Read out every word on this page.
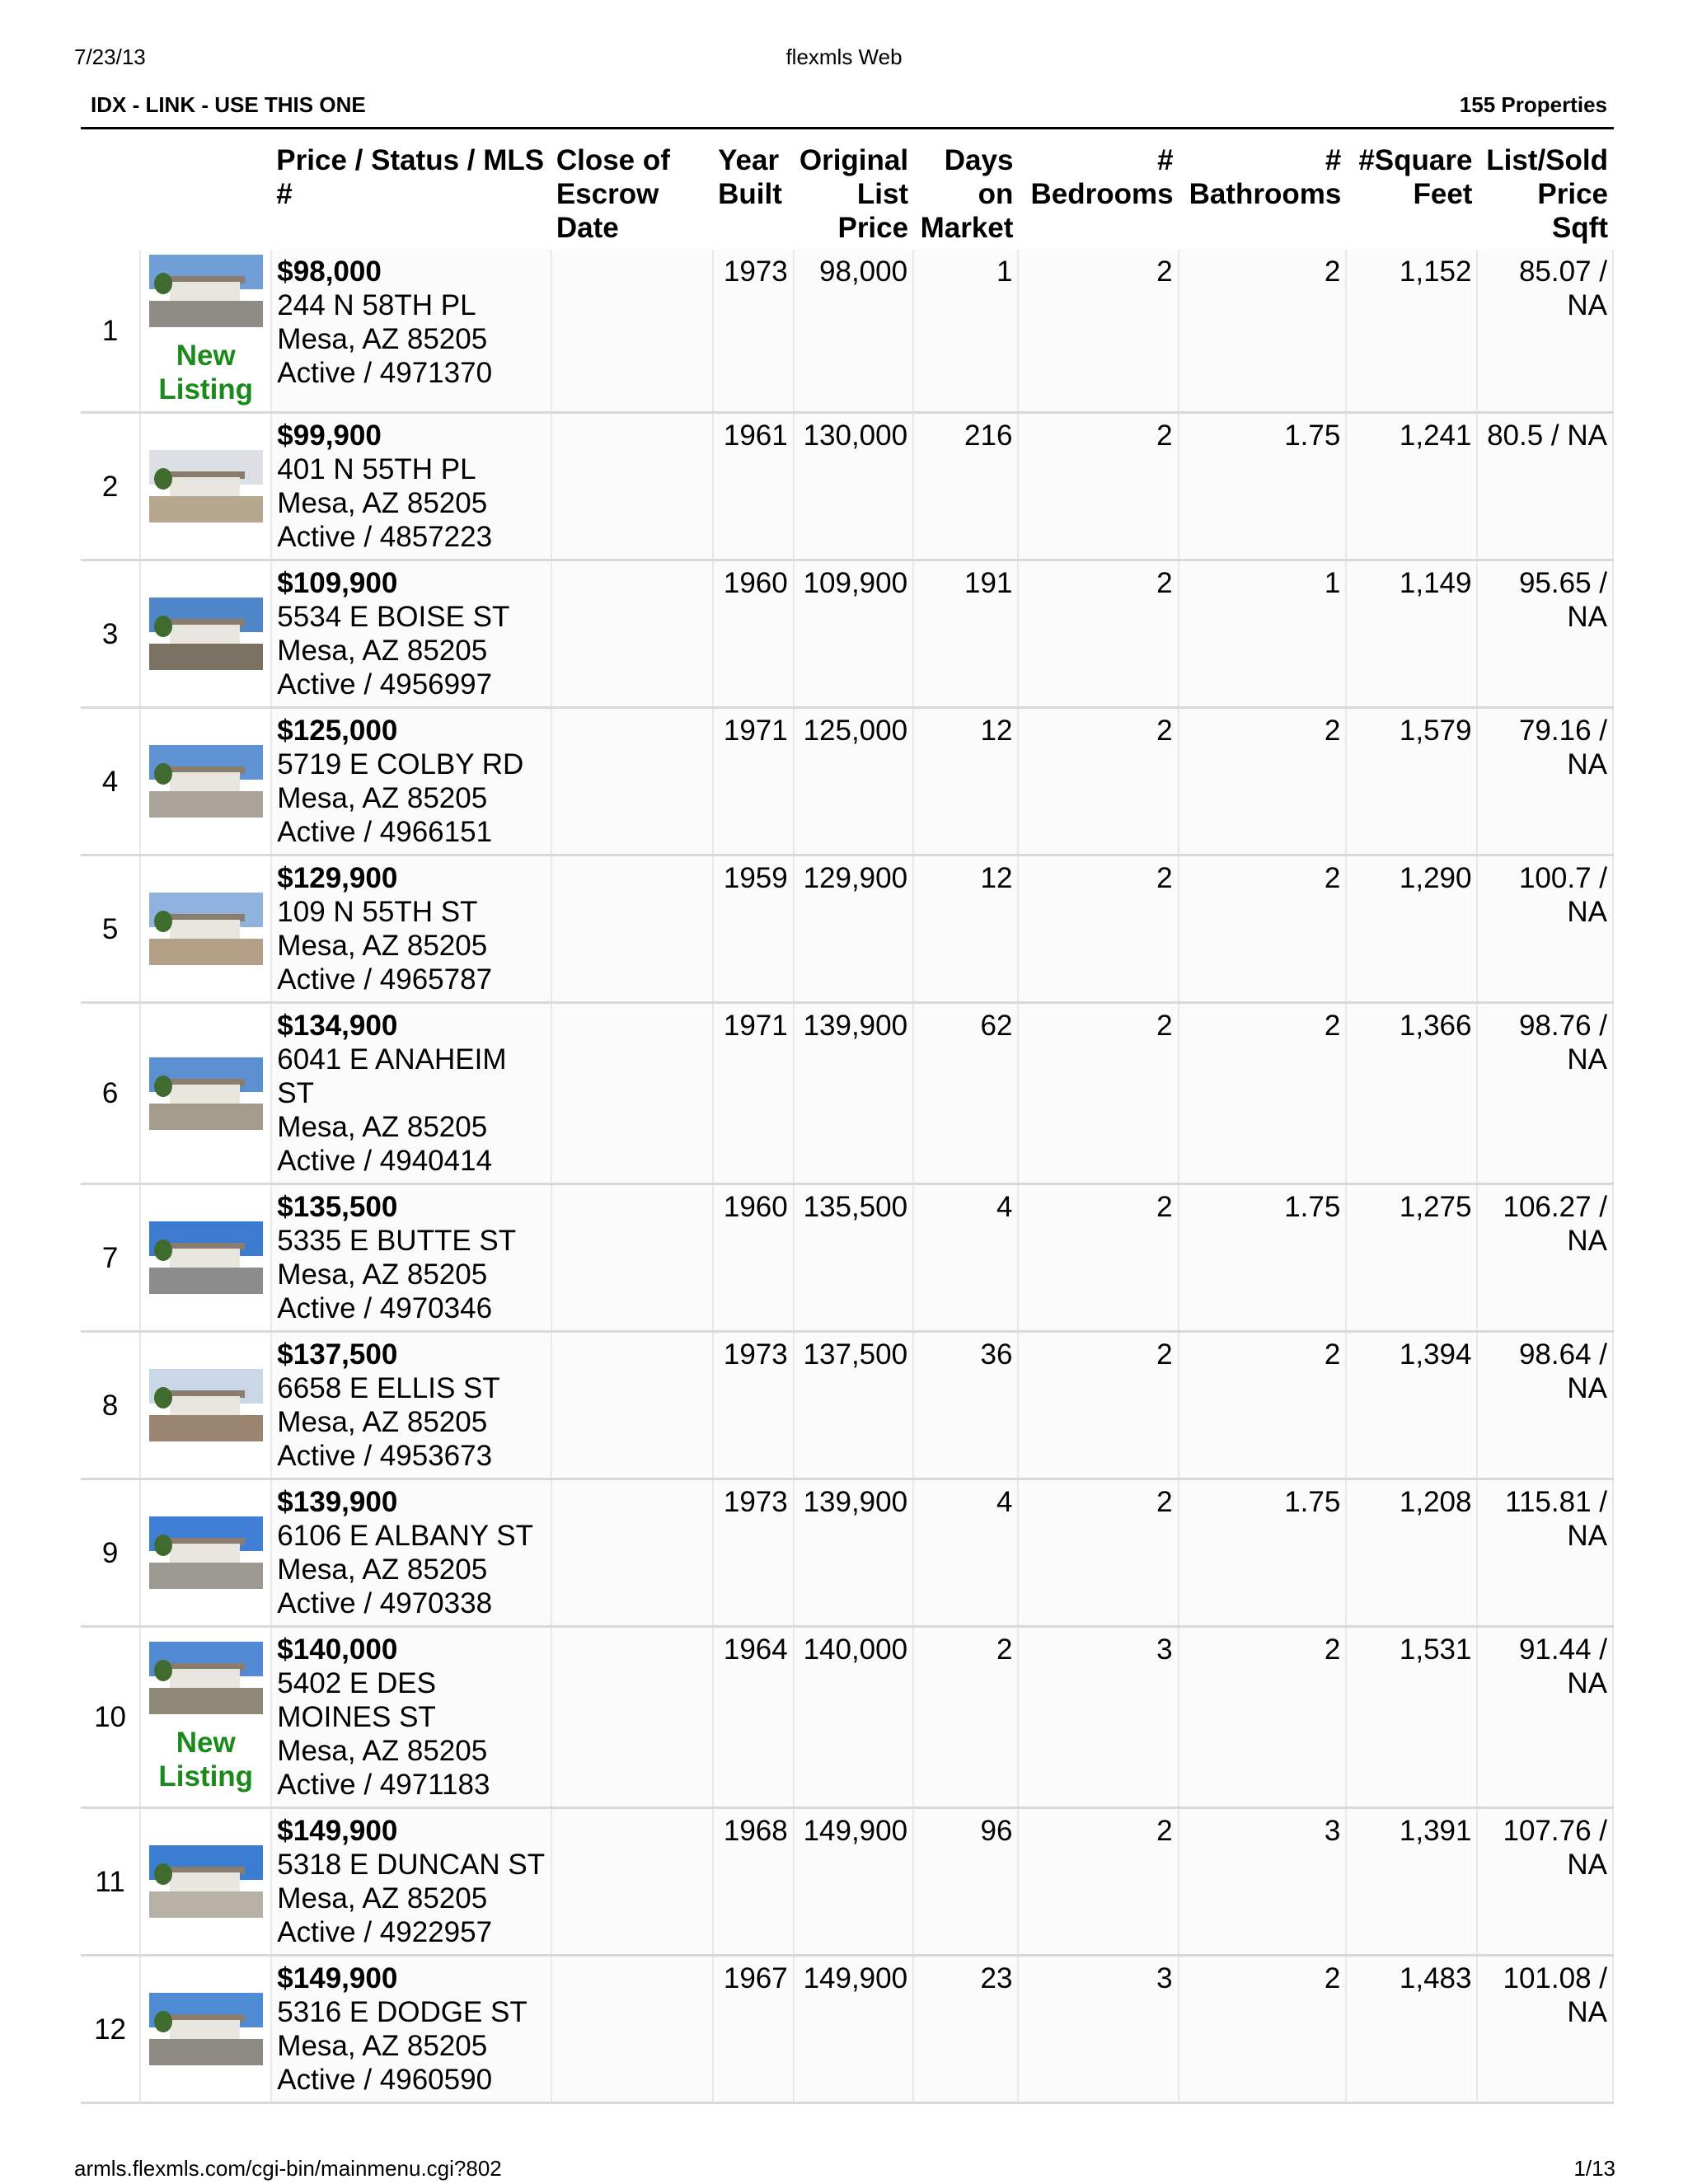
7/23/13	flexmls Web
IDX - LINK - USE THIS ONE	155 Properties
		Price / Status / MLS #	Close of Escrow Date	Year Built	Original List Price	Days on Market	# Bedrooms	# Bathrooms	#Square Feet	List/Sold Price Sqft
1	New Listing	$98,000
244 N 58TH PL
Mesa, AZ 85205
Active / 4971370		1973	98,000	1	2	2	1,152	85.07 / NA
2		$99,900
401 N 55TH PL
Mesa, AZ 85205
Active / 4857223		1961	130,000	216	2	1.75	1,241	80.5 / NA
3		$109,900
5534 E BOISE ST
Mesa, AZ 85205
Active / 4956997		1960	109,900	191	2	1	1,149	95.65 / NA
4		$125,000
5719 E COLBY RD
Mesa, AZ 85205
Active / 4966151		1971	125,000	12	2	2	1,579	79.16 / NA
5		$129,900
109 N 55TH ST
Mesa, AZ 85205
Active / 4965787		1959	129,900	12	2	2	1,290	100.7 / NA
6		$134,900
6041 E ANAHEIM ST
Mesa, AZ 85205
Active / 4940414		1971	139,900	62	2	2	1,366	98.76 / NA
7		$135,500
5335 E BUTTE ST
Mesa, AZ 85205
Active / 4970346		1960	135,500	4	2	1.75	1,275	106.27 / NA
8		$137,500
6658 E ELLIS ST
Mesa, AZ 85205
Active / 4953673		1973	137,500	36	2	2	1,394	98.64 / NA
9		$139,900
6106 E ALBANY ST
Mesa, AZ 85205
Active / 4970338		1973	139,900	4	2	1.75	1,208	115.81 / NA
10	New Listing	$140,000
5402 E DES MOINES ST
Mesa, AZ 85205
Active / 4971183		1964	140,000	2	3	2	1,531	91.44 / NA
11		$149,900
5318 E DUNCAN ST
Mesa, AZ 85205
Active / 4922957		1968	149,900	96	2	3	1,391	107.76 / NA
12		$149,900
5316 E DODGE ST
Mesa, AZ 85205
Active / 4960590		1967	149,900	23	3	2	1,483	101.08 / NA
armls.flexmls.com/cgi-bin/mainmenu.cgi?802	1/13
